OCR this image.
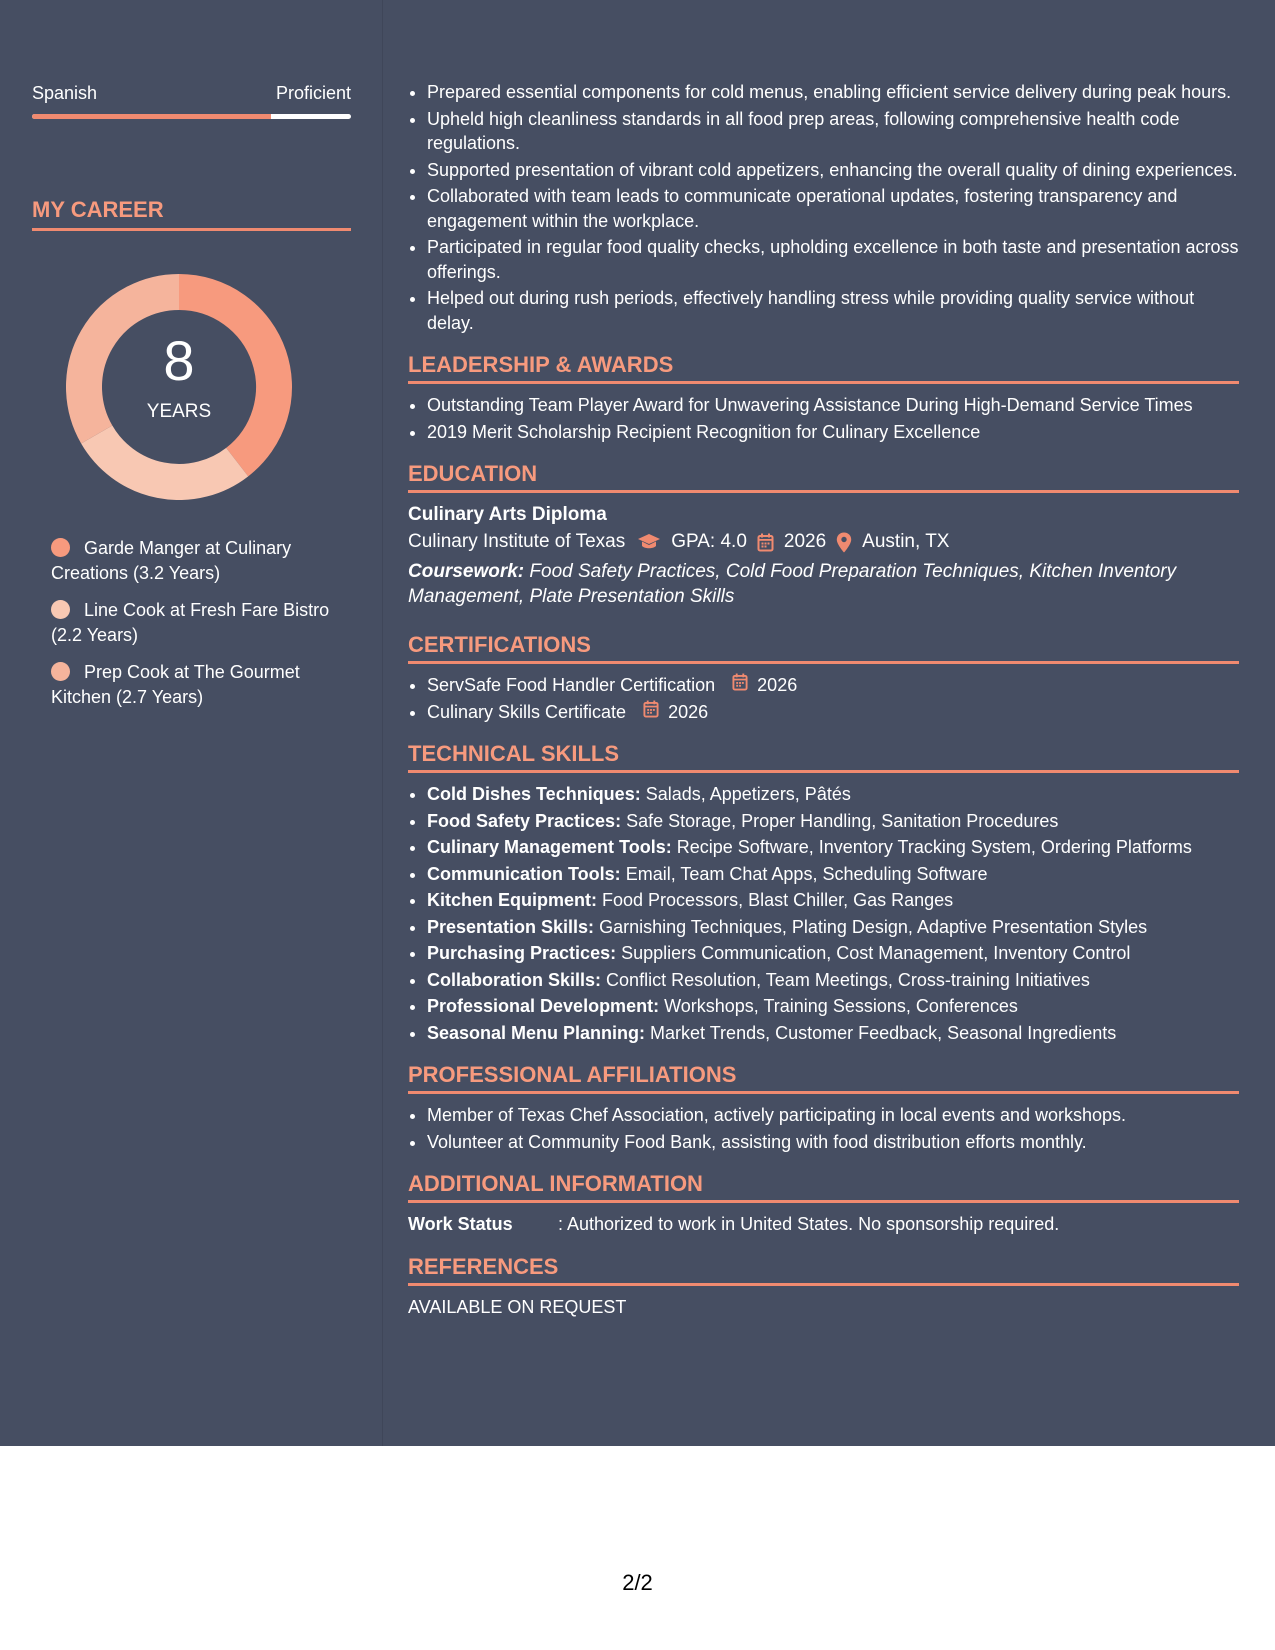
Spanish	Proficient
MY CAREER
8
YEARS
Garde Manger at Culinary Creations (3.2 Years)
Line Cook at Fresh Fare Bistro (2.2 Years)
Prep Cook at The Gourmet Kitchen (2.7 Years)
• Prepared essential components for cold menus, enabling efficient service delivery during peak hours.
• Upheld high cleanliness standards in all food prep areas, following comprehensive health code regulations.
• Supported presentation of vibrant cold appetizers, enhancing the overall quality of dining experiences.
• Collaborated with team leads to communicate operational updates, fostering transparency and engagement within the workplace.
• Participated in regular food quality checks, upholding excellence in both taste and presentation across offerings.
• Helped out during rush periods, effectively handling stress while providing quality service without delay.
LEADERSHIP & AWARDS
• Outstanding Team Player Award for Unwavering Assistance During High-Demand Service Times
• 2019 Merit Scholarship Recipient Recognition for Culinary Excellence
EDUCATION
Culinary Arts Diploma
Culinary Institute of Texas GPA: 4.0 2026 Austin, TX
Coursework: Food Safety Practices, Cold Food Preparation Techniques, Kitchen Inventory Management, Plate Presentation Skills
CERTIFICATIONS
• ServSafe Food Handler Certification 2026
• Culinary Skills Certificate 2026
TECHNICAL SKILLS
• Cold Dishes Techniques: Salads, Appetizers, Pâtés
• Food Safety Practices: Safe Storage, Proper Handling, Sanitation Procedures
• Culinary Management Tools: Recipe Software, Inventory Tracking System, Ordering Platforms
• Communication Tools: Email, Team Chat Apps, Scheduling Software
• Kitchen Equipment: Food Processors, Blast Chiller, Gas Ranges
• Presentation Skills: Garnishing Techniques, Plating Design, Adaptive Presentation Styles
• Purchasing Practices: Suppliers Communication, Cost Management, Inventory Control
• Collaboration Skills: Conflict Resolution, Team Meetings, Cross-training Initiatives
• Professional Development: Workshops, Training Sessions, Conferences
• Seasonal Menu Planning: Market Trends, Customer Feedback, Seasonal Ingredients
PROFESSIONAL AFFILIATIONS
• Member of Texas Chef Association, actively participating in local events and workshops.
• Volunteer at Community Food Bank, assisting with food distribution efforts monthly.
ADDITIONAL INFORMATION
Work Status	: Authorized to work in United States. No sponsorship required.
REFERENCES
AVAILABLE ON REQUEST
2/2
